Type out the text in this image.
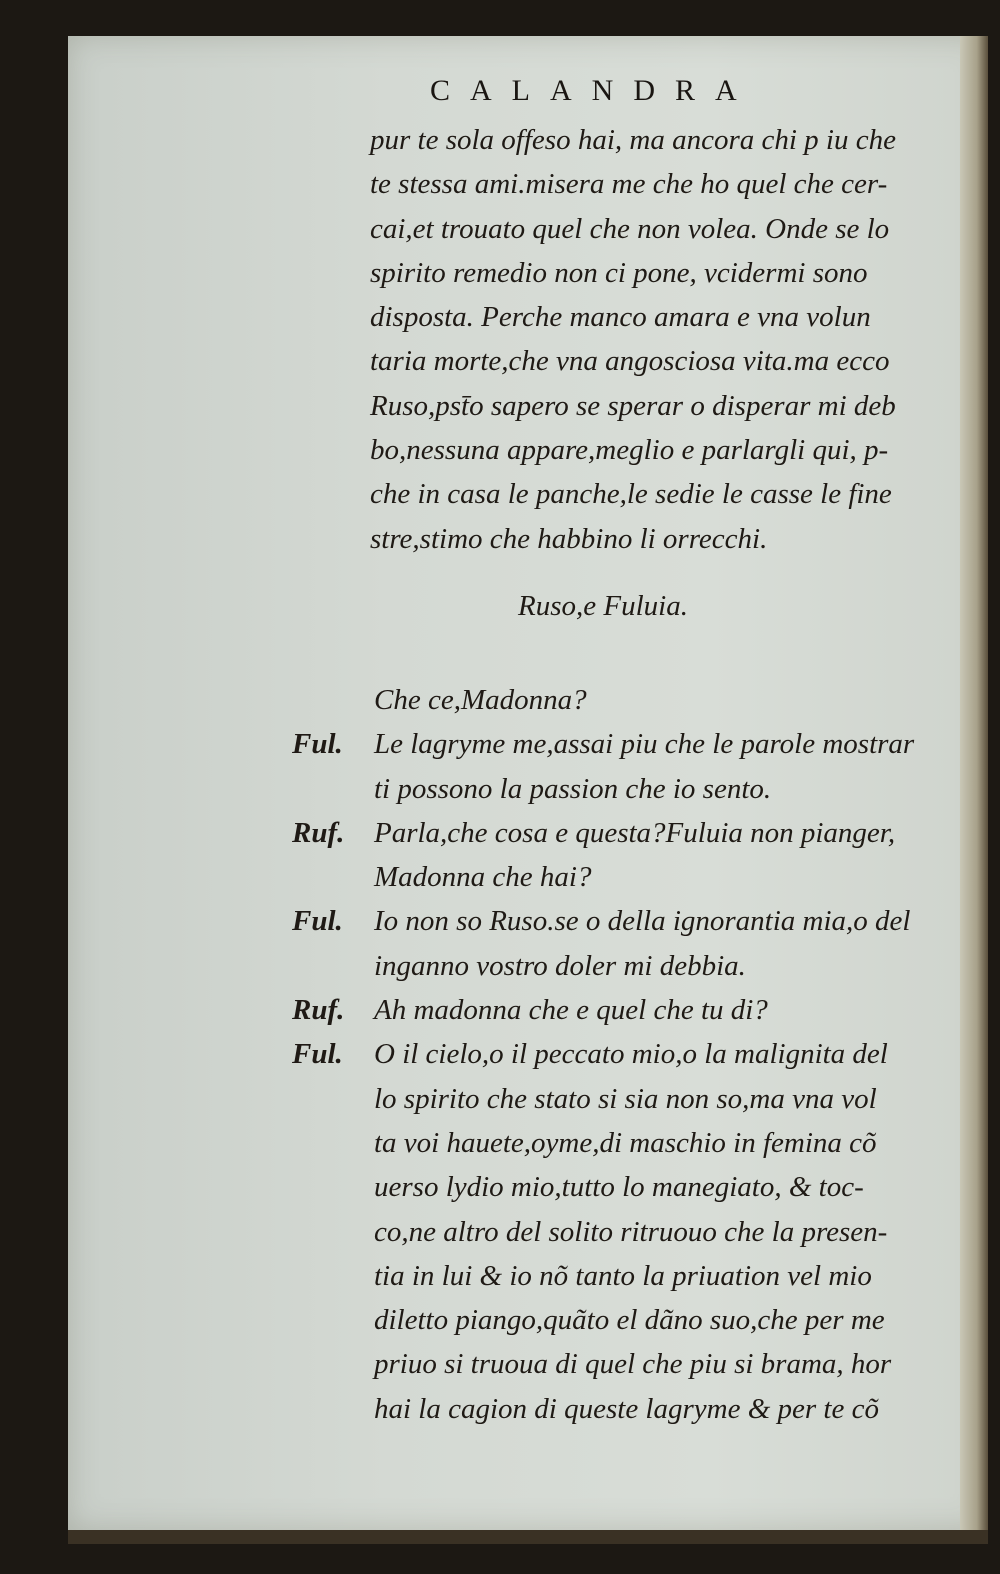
CALANDRA
pur te sola offeso hai, ma ancora chi p iu che
te stessa ami.misera me che ho quel che cer-
cai,et trouato quel che non volea. Onde se lo
spirito remedio non ci pone, vcidermi sono
disposta. Perche manco amara e vna volun
taria morte,che vna angosciosa vita.ma ecco
Ruso,pst̄o sapero se sperar o disperar mi deb
bo,nessuna appare,meglio e parlargli qui, p-
che in casa le panche,le sedie le casse le fine
stre,stimo che habbino li orrecchi.
Ruso,e Fuluia.
Che ce,Madonna?
Ful.	Le lagryme me,assai piu che le parole mostrar
ti possono la passion che io sento.
Ruf.	Parla,che cosa e questa?Fuluia non pianger,
Madonna che hai?
Ful.	Io non so Ruso.se o della ignorantia mia,o del
inganno vostro doler mi debbia.
Ruf.	Ah madonna che e quel che tu di?
Ful.	O il cielo,o il peccato mio,o la malignita del
lo spirito che stato si sia non so,ma vna vol
ta voi hauete,oyme,di maschio in femina cõ
uerso lydio mio,tutto lo manegiato, & toc-
co,ne altro del solito ritruouo che la presen-
tia in lui & io nõ tanto la priuation vel mio
diletto piango,quãto el dãno suo,che per me
priuo si truoua di quel che piu si brama, hor
hai la cagion di queste lagryme & per te cõ
